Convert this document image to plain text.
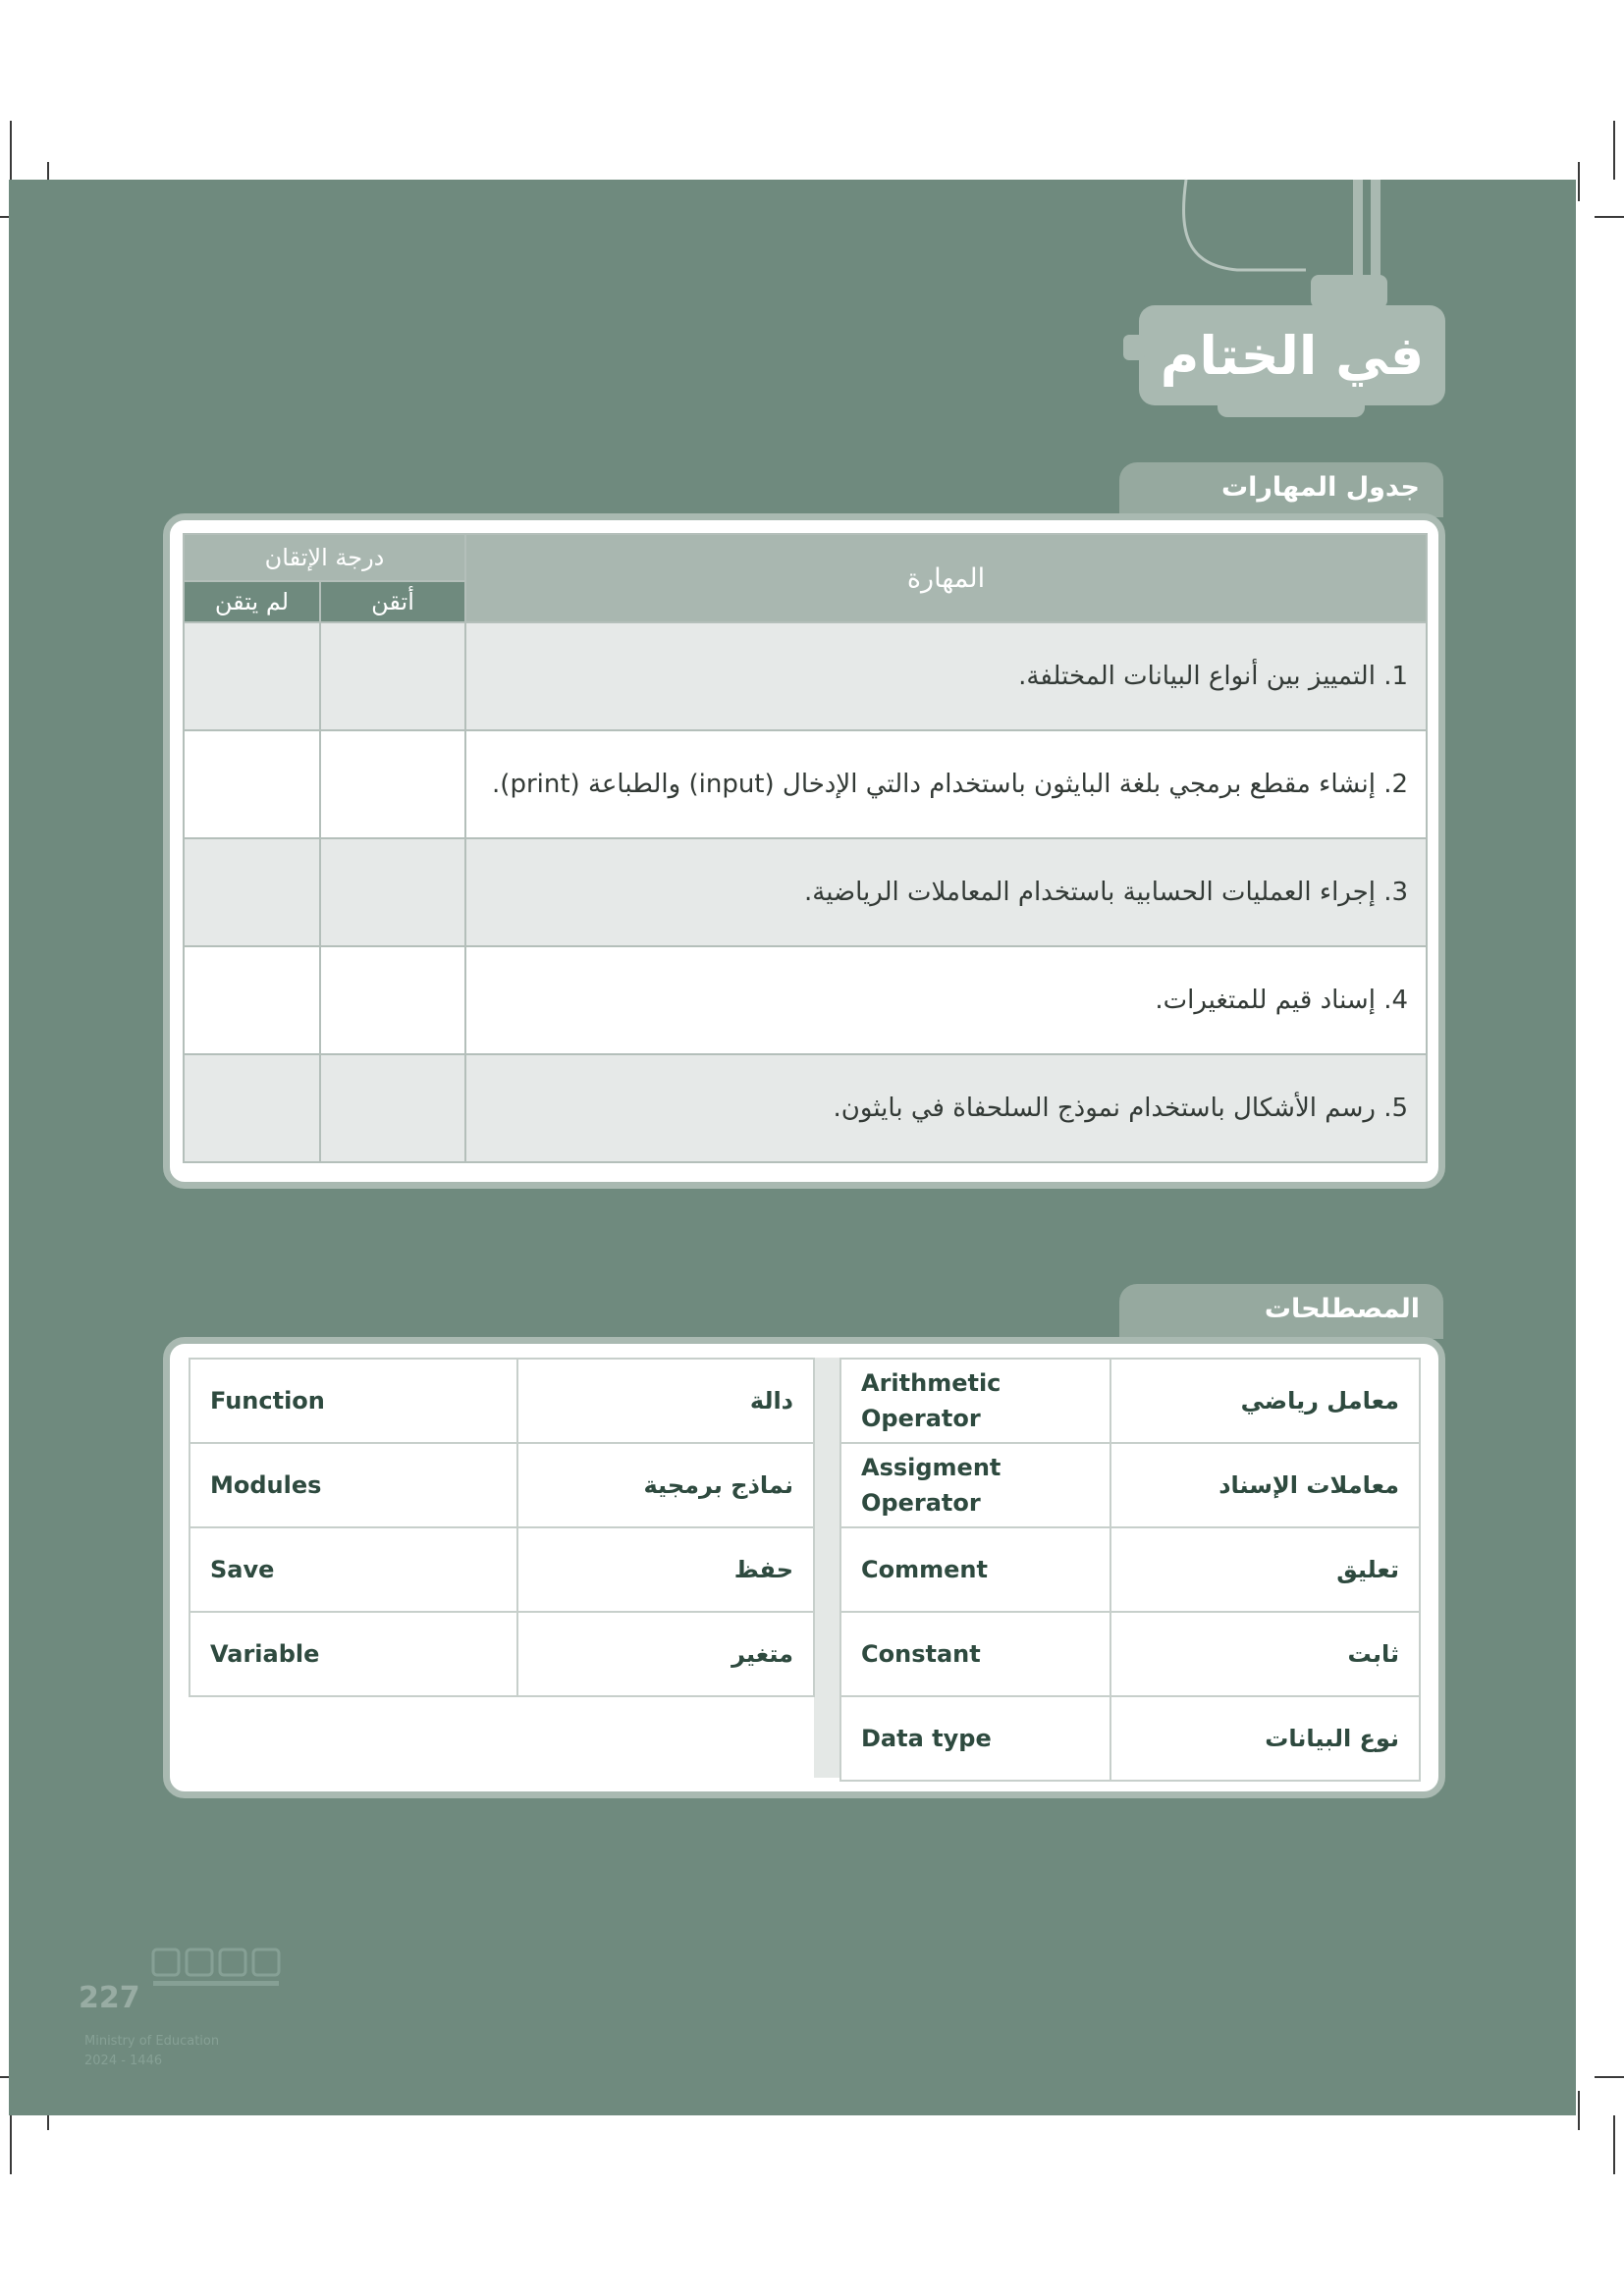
في الختام
جدول المهارات
المهارة	درجة الإتقان	
	أتقن	لم يتقن
1. التمييز بين أنواع البيانات المختلفة.		
2. إنشاء مقطع برمجي بلغة البايثون باستخدام دالتي الإدخال (input) والطباعة (print).		
3. إجراء العمليات الحسابية باستخدام المعاملات الرياضية.		
4. إسناد قيم للمتغيرات.		
5. رسم الأشكال باستخدام نموذج السلحفاة في بايثون.		
المصطلحات
Arithmetic Operator	معامل رياضي
Assigment Operator	معاملات الإسناد
Comment	تعليق
Constant	ثابت
Data type	نوع البيانات
Function	دالة
Modules	نماذج برمجية
Save	حفظ
Variable	متغير
227
Ministry of Education
2024 - 1446
